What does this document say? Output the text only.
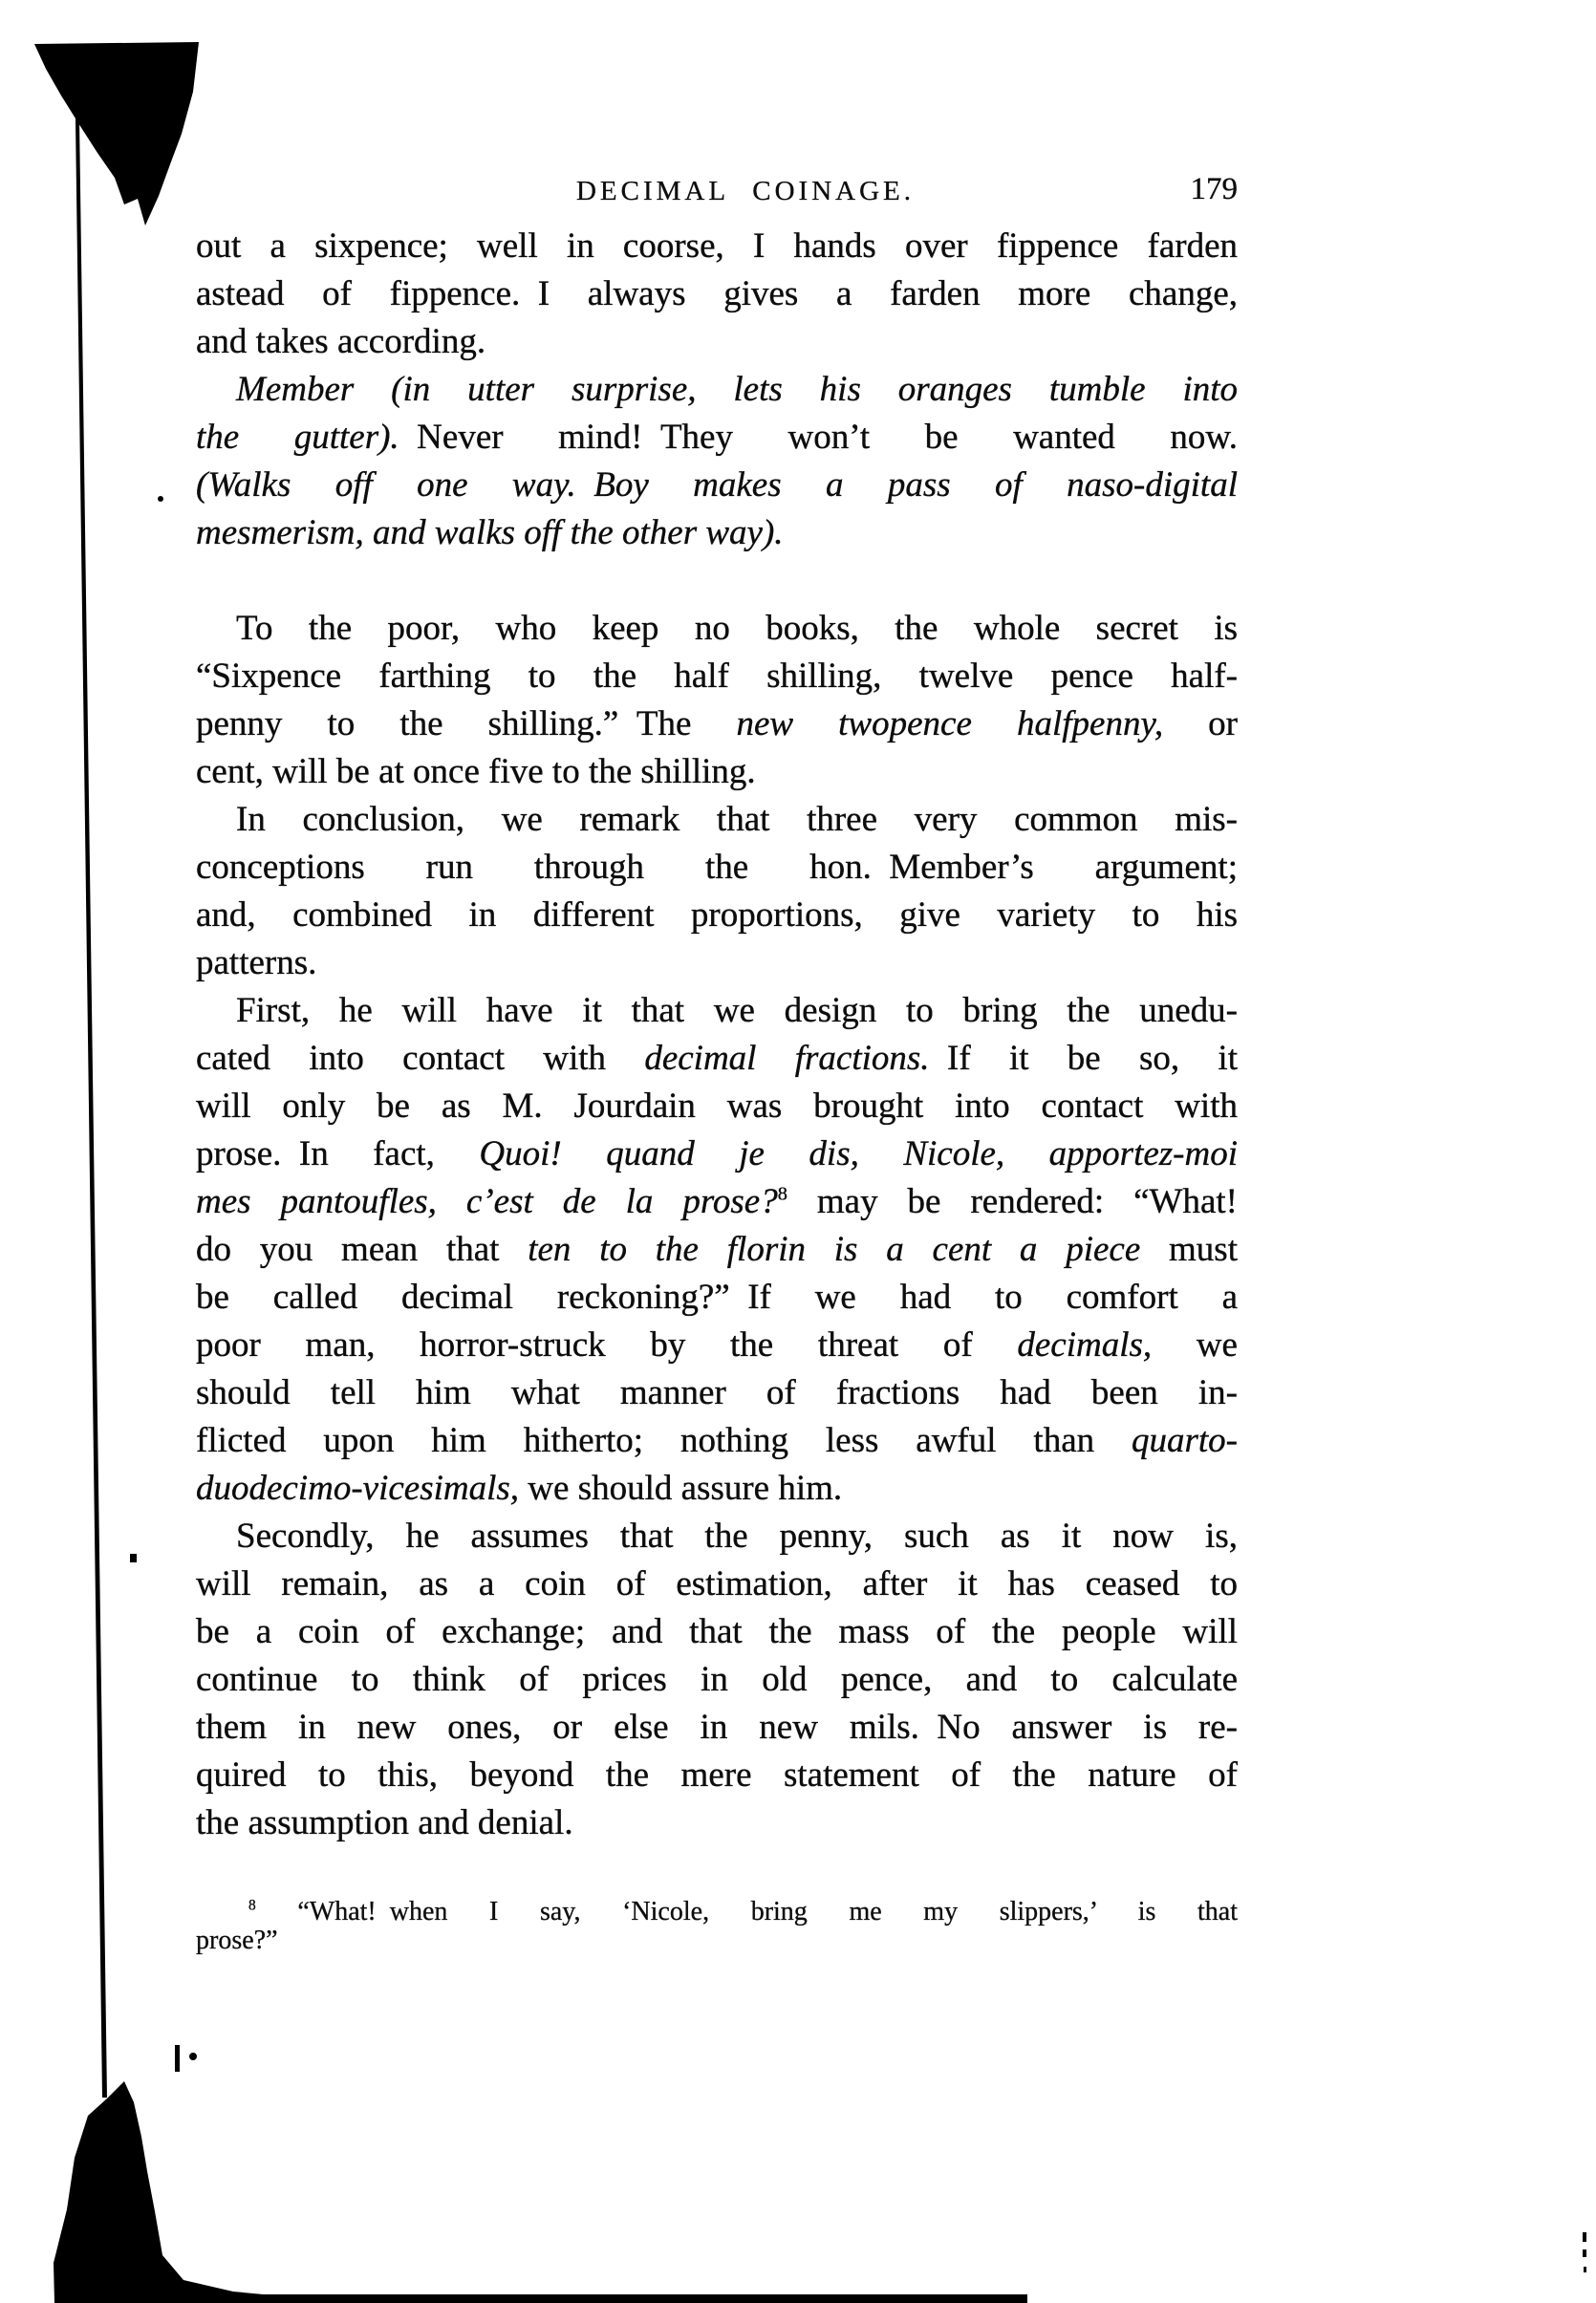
DECIMAL COINAGE.	179
out a sixpence; well in coorse, I hands over fippence farden
astead of fippence. I always gives a farden more change,
and takes according.
Member (in utter surprise, lets his oranges tumble into
the gutter). Never mind! They won’t be wanted now.
(Walks off one way. Boy makes a pass of naso-digital
mesmerism, and walks off the other way).
To the poor, who keep no books, the whole secret is
“Sixpence farthing to the half shilling, twelve pence half-
penny to the shilling.” The new twopence halfpenny, or
cent, will be at once five to the shilling.
In conclusion, we remark that three very common mis-
conceptions run through the hon. Member’s argument;
and, combined in different proportions, give variety to his
patterns.
First, he will have it that we design to bring the unedu-
cated into contact with decimal fractions. If it be so, it
will only be as M. Jourdain was brought into contact with
prose. In fact, Quoi! quand je dis, Nicole, apportez-moi
mes pantoufles, c’est de la prose?$^8$ may be rendered: “What!
do you mean that ten to the florin is a cent a piece must
be called decimal reckoning?” If we had to comfort a
poor man, horror-struck by the threat of decimals, we
should tell him what manner of fractions had been in-
flicted upon him hitherto; nothing less awful than quarto-
duodecimo-vicesimals, we should assure him.
Secondly, he assumes that the penny, such as it now is,
will remain, as a coin of estimation, after it has ceased to
be a coin of exchange; and that the mass of the people will
continue to think of prices in old pence, and to calculate
them in new ones, or else in new mils. No answer is re-
quired to this, beyond the mere statement of the nature of
the assumption and denial.
$^8$ “What! when I say, ‘Nicole, bring me my slippers,’ is that
prose?”
